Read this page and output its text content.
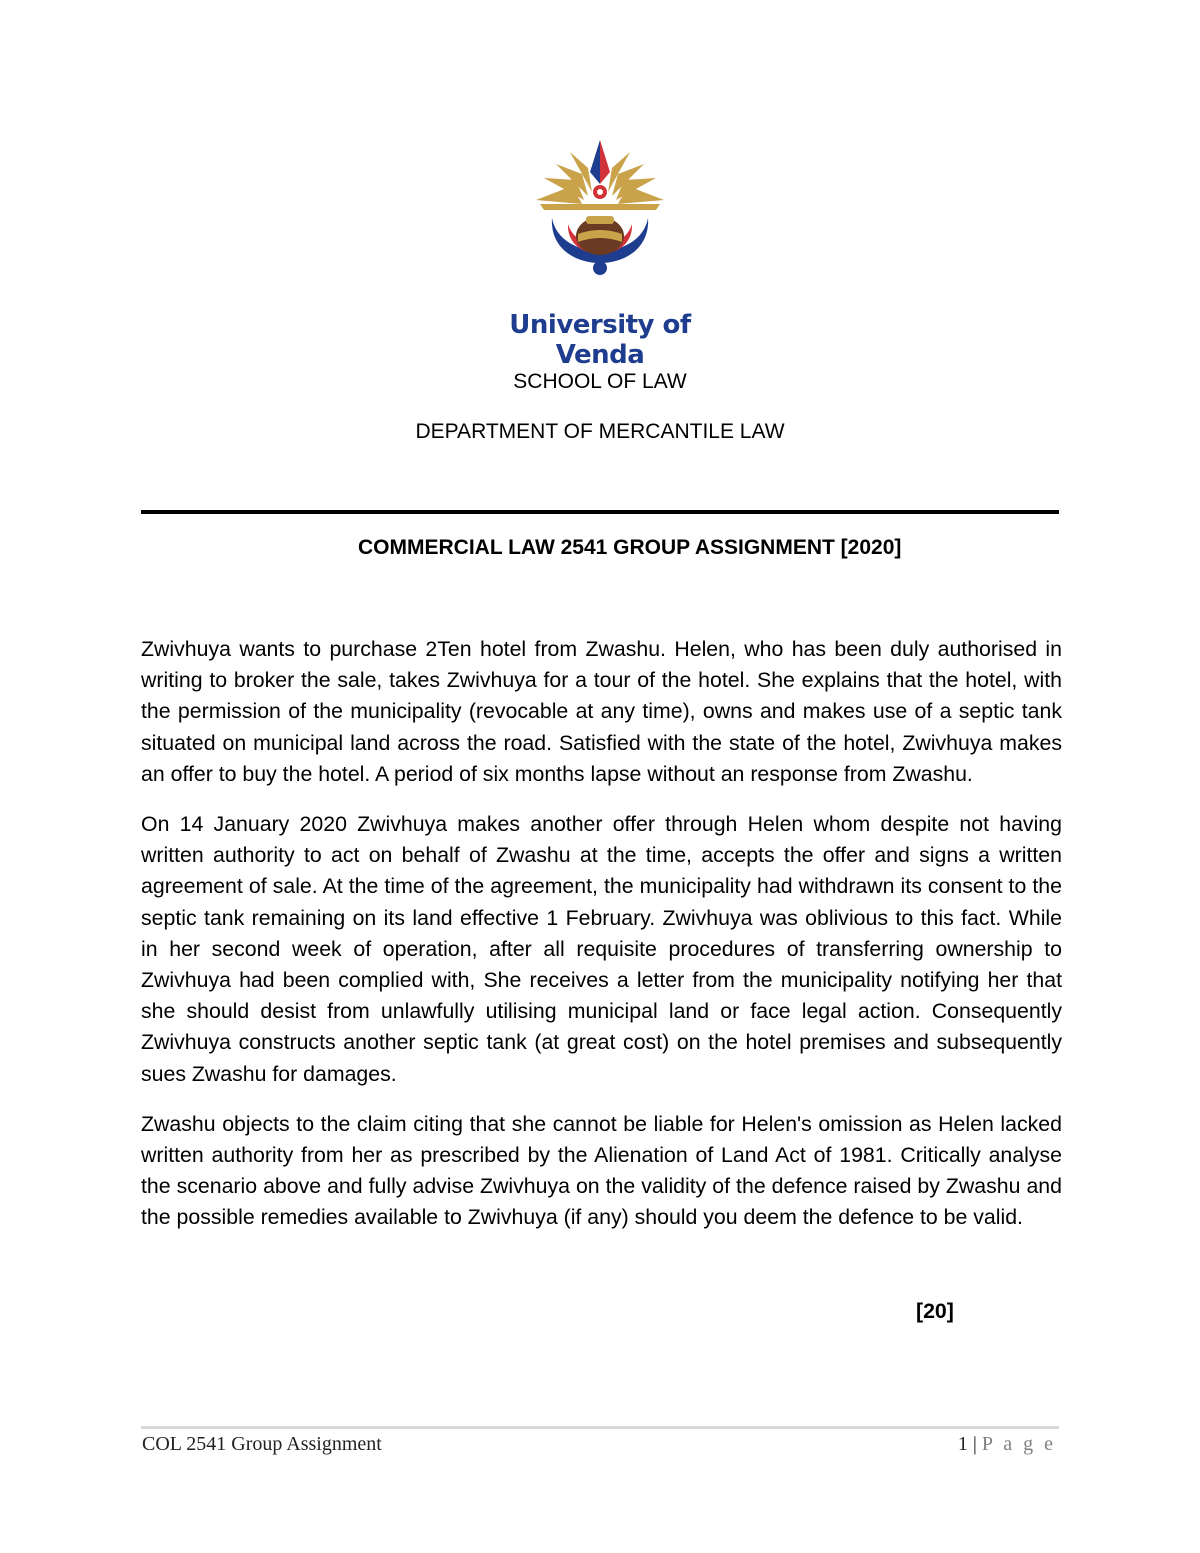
University of Venda
SCHOOL OF LAW
DEPARTMENT OF MERCANTILE LAW
COMMERCIAL LAW 2541 GROUP ASSIGNMENT [2020]

Zwivhuya wants to purchase 2Ten hotel from Zwashu. Helen, who has been duly authorised in writing to broker the sale, takes Zwivhuya for a tour of the hotel. She explains that the hotel, with the permission of the municipality (revocable at any time), owns and makes use of a septic tank situated on municipal land across the road. Satisfied with the state of the hotel, Zwivhuya makes an offer to buy the hotel. A period of six months lapse without an response from Zwashu.

On 14 January 2020 Zwivhuya makes another offer through Helen whom despite not having written authority to act on behalf of Zwashu at the time, accepts the offer and signs a written agreement of sale. At the time of the agreement, the municipality had withdrawn its consent to the septic tank remaining on its land effective 1 February. Zwivhuya was oblivious to this fact. While in her second week of operation, after all requisite procedures of transferring ownership to Zwivhuya had been complied with, She receives a letter from the municipality notifying her that she should desist from unlawfully utilising municipal land or face legal action. Consequently Zwivhuya constructs another septic tank (at great cost) on the hotel premises and subsequently sues Zwashu for damages.

Zwashu objects to the claim citing that she cannot be liable for Helen's omission as Helen lacked written authority from her as prescribed by the Alienation of Land Act of 1981. Critically analyse the scenario above and fully advise Zwivhuya on the validity of the defence raised by Zwashu and the possible remedies available to Zwivhuya (if any) should you deem the defence to be valid.

[20]
COL 2541 Group Assignment	1 | P a g e
